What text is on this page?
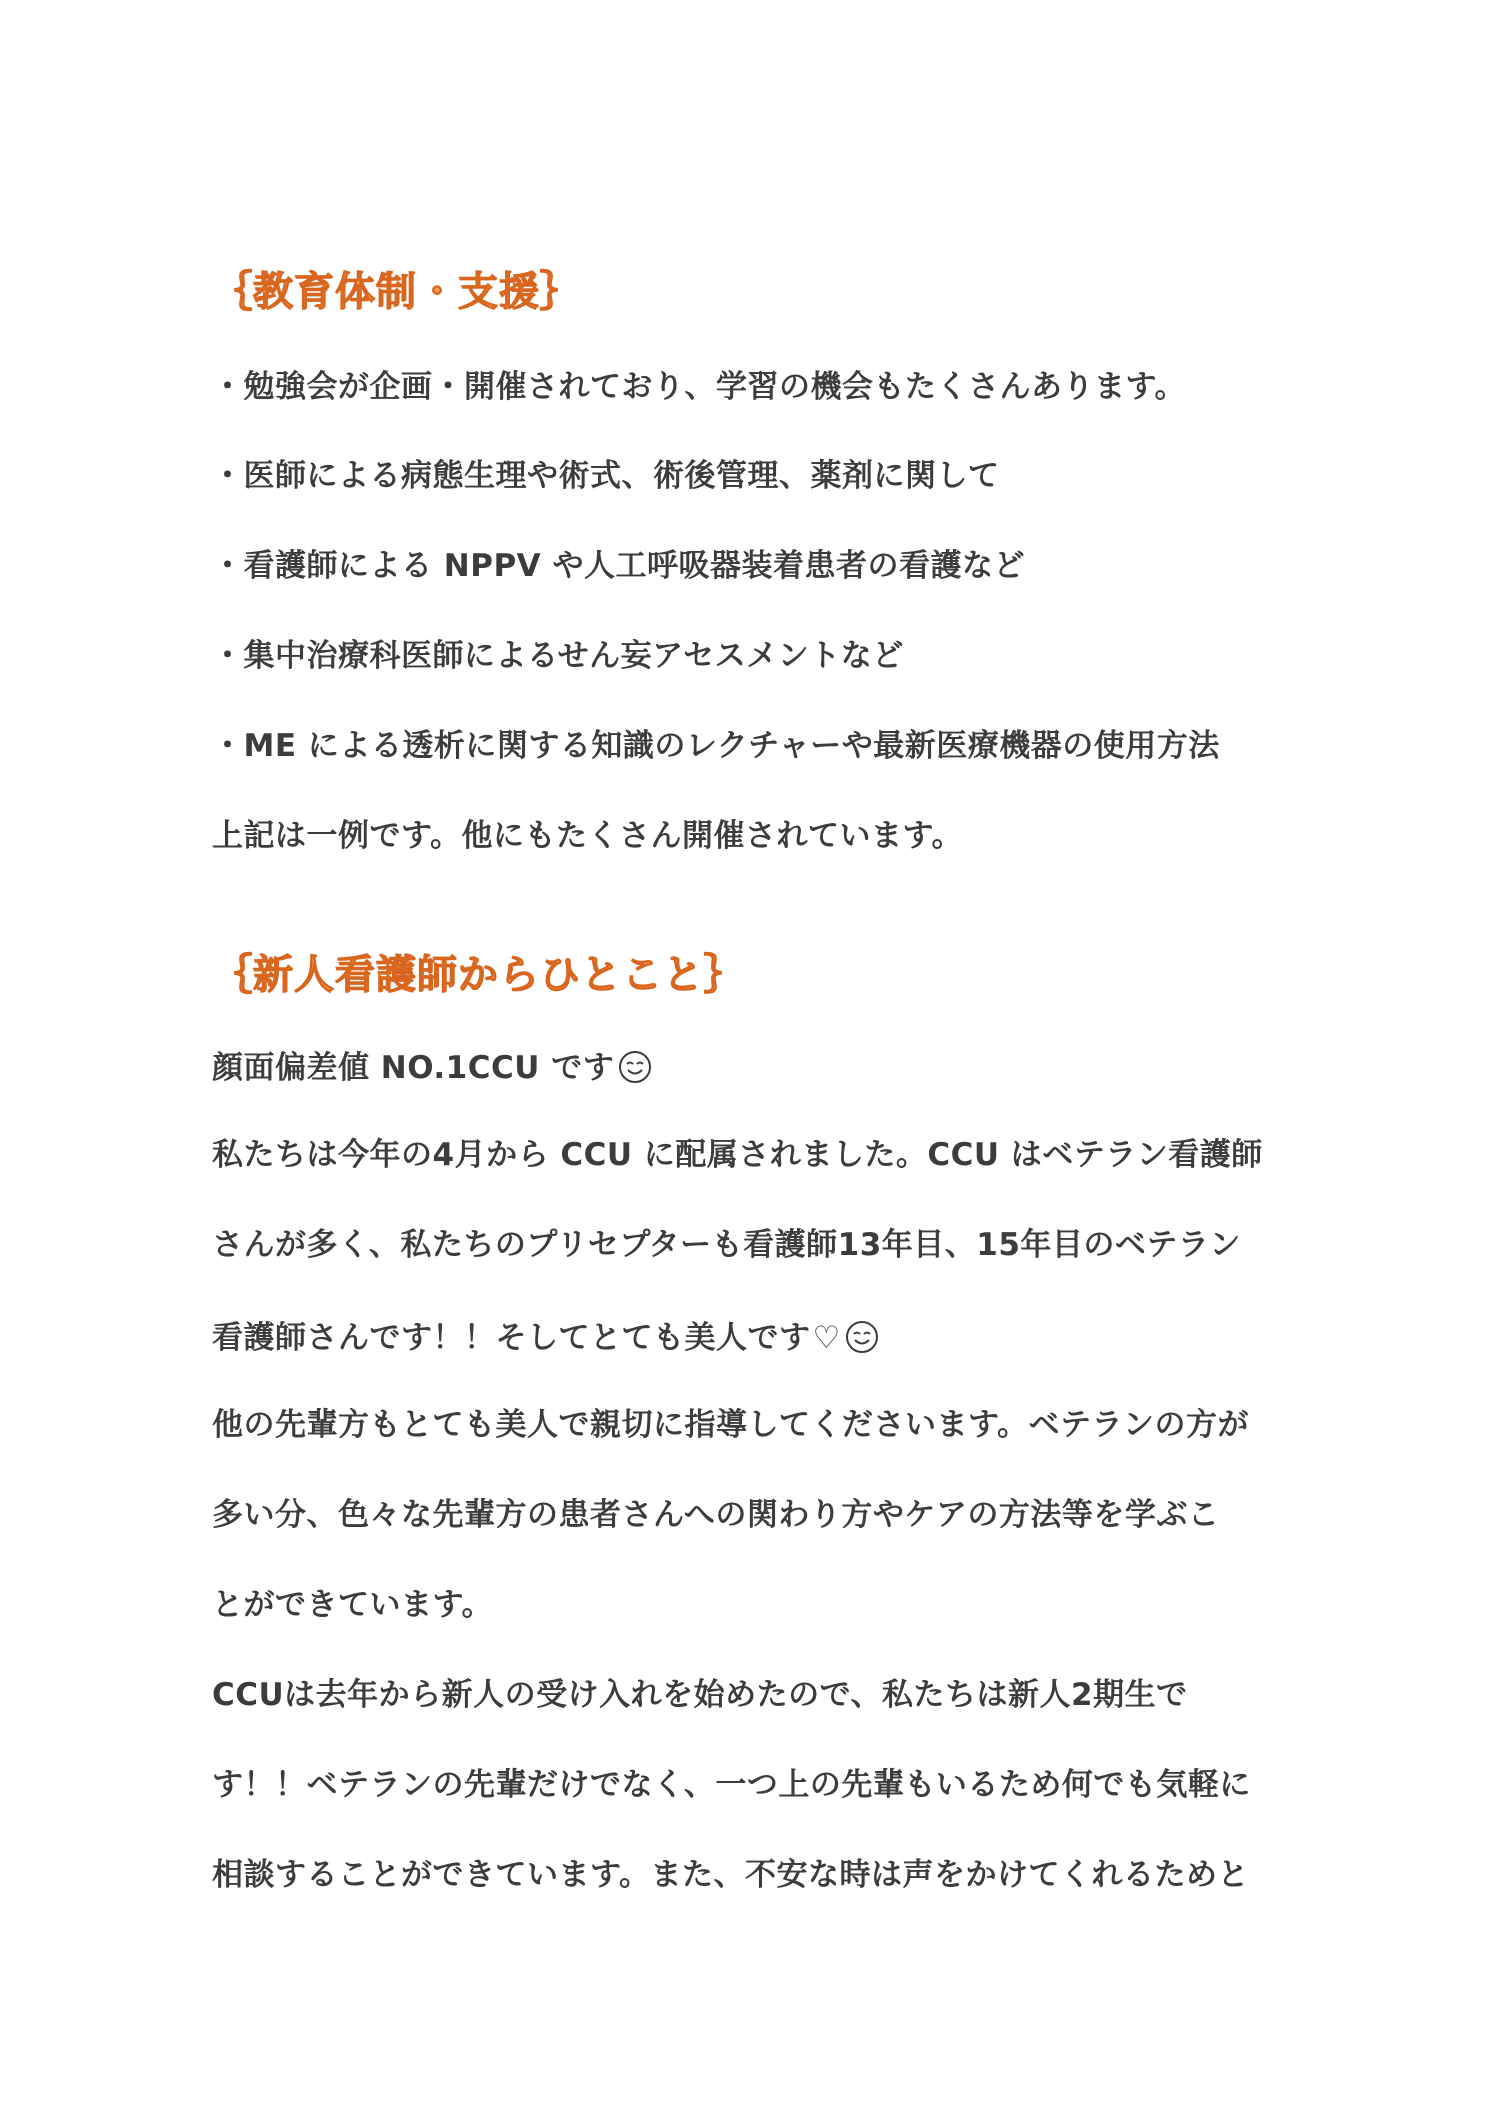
｛教育体制・支援｝
・勉強会が企画・開催されており、学習の機会もたくさんあります。
・医師による病態生理や術式、術後管理、薬剤に関して
・看護師による NPPV や人工呼吸器装着患者の看護など
・集中治療科医師によるせん妄アセスメントなど
・ME による透析に関する知識のレクチャーや最新医療機器の使用方法
上記は一例です。他にもたくさん開催されています。
｛新人看護師からひとこと｝
顔面偏差値 NO.1CCU です
私たちは今年の4月から CCU に配属されました。CCU はベテラン看護師
さんが多く、私たちのプリセプターも看護師13年目、15年目のベテラン
看護師さんです！！そしてとても美人です♡
他の先輩方もとても美人で親切に指導してくださいます。ベテランの方が
多い分、色々な先輩方の患者さんへの関わり方やケアの方法等を学ぶこ
とができています。
CCUは去年から新人の受け入れを始めたので、私たちは新人2期生で
す！！ベテランの先輩だけでなく、一つ上の先輩もいるため何でも気軽に
相談することができています。また、不安な時は声をかけてくれるためと
